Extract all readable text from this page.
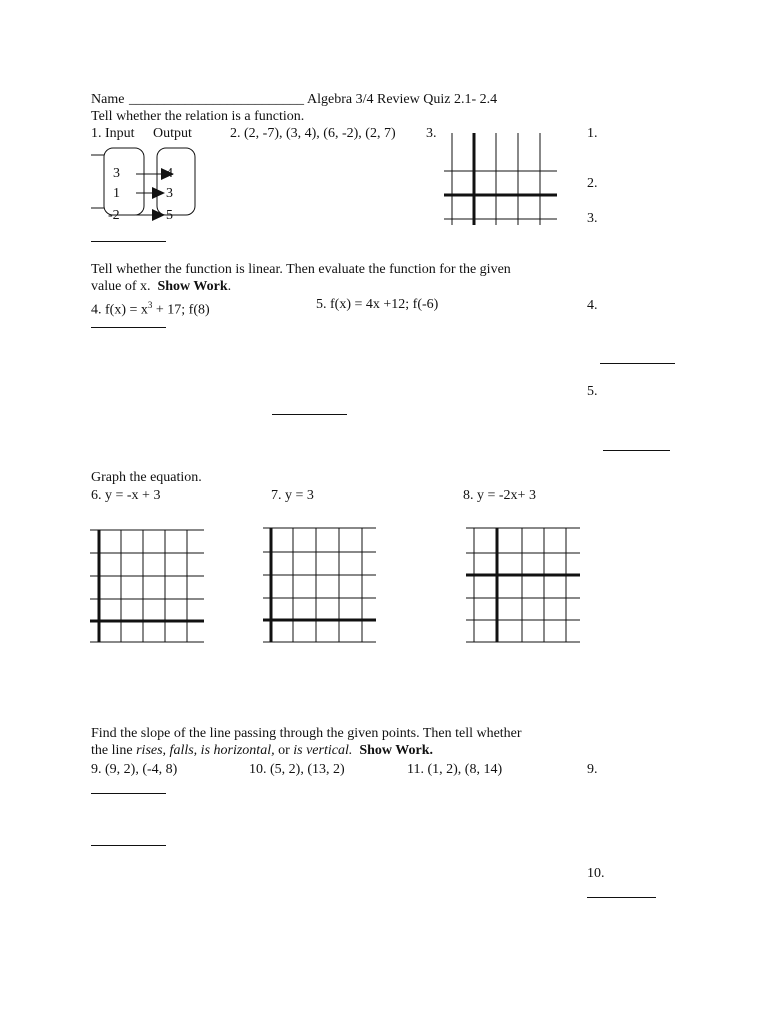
Name _________________________ Algebra 3/4 Review Quiz 2.1- 2.4
Tell whether the relation is a function.
1. Input Output	2. (2, -7), (3, 4), (6, -2), (2, 7) 3.
3
1
-2
4
3
5
1.
2.
3.
4.
5.
9.
10.
Tell whether the function is linear. Then evaluate the function for the given
value of x.  Show Work.
4. $f(x) = x^3 + 17$; f(8)	5. f(x) = 4x +12; f(-6)
Graph the equation.
6. y = -x + 3	7. y = 3	8. y = -2x+ 3
Find the slope of the line passing through the given points. Then tell whether
the line rises, falls, is horizontal, or is vertical. Show Work.
9. (9, 2), (-4, 8)	10. (5, 2), (13, 2)	11. (1, 2), (8, 14)
